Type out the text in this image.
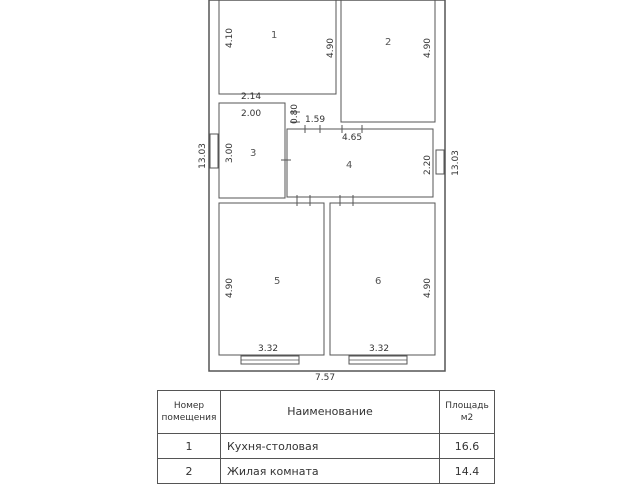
1
2
3
4
5	6
4.10	4.90	4.90
2.14
2.00	0.80 1.59
4.65
3.00
2.20
13.03	13.03
4.90	4.90
3.32	3.32
7.57
Номер помещения	Наименование	Площадь м2
1	Кухня-столовая	16.6
2	Жилая комната	14.4
